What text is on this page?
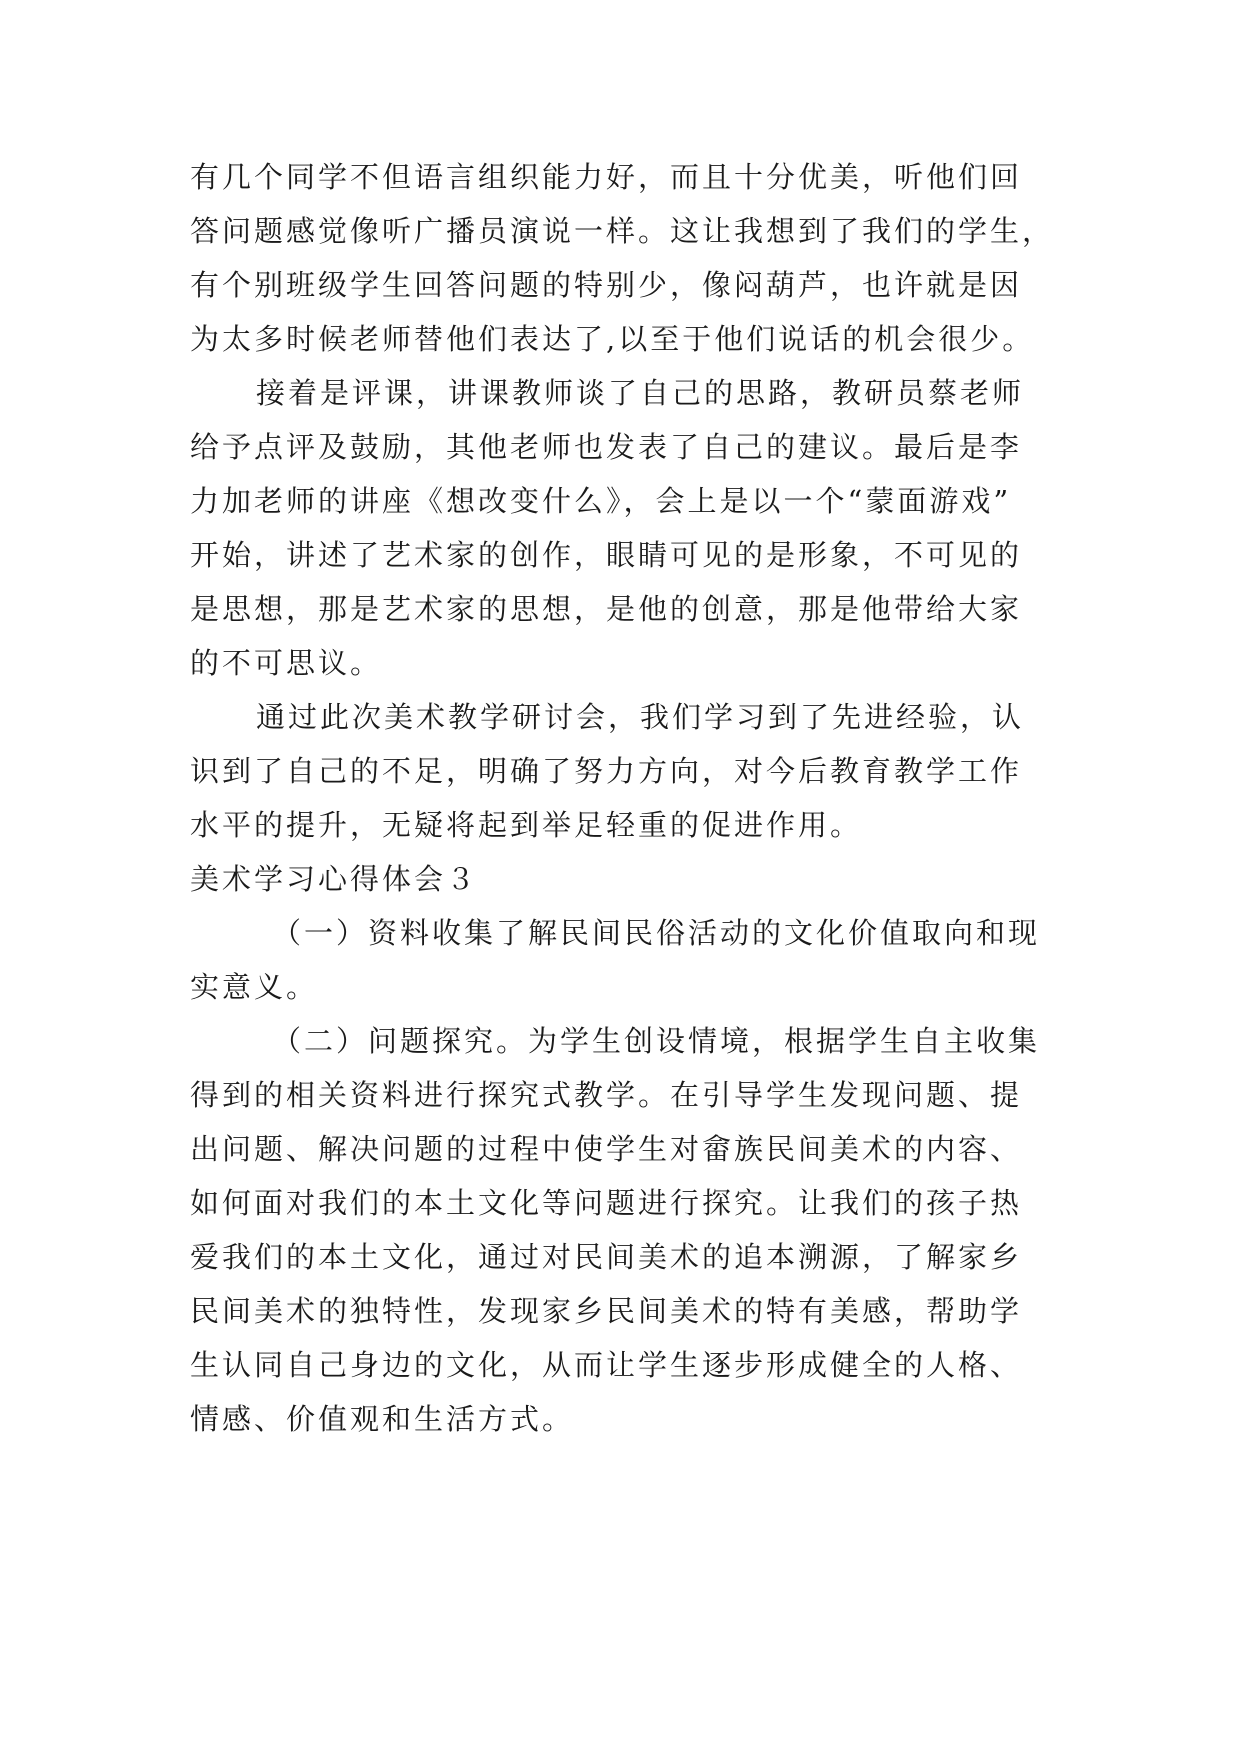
有几个同学不但语言组织能力好，而且十分优美，听他们回

答问题感觉像听广播员演说一样。这让我想到了我们的学生，

有个别班级学生回答问题的特别少，像闷葫芦，也许就是因

为太多时候老师替他们表达了,以至于他们说话的机会很少。

接着是评课，讲课教师谈了自己的思路，教研员蔡老师

给予点评及鼓励，其他老师也发表了自己的建议。最后是李

力加老师的讲座《想改变什么》，会上是以一个“蒙面游戏”

开始，讲述了艺术家的创作，眼睛可见的是形象，不可见的

是思想，那是艺术家的思想，是他的创意，那是他带给大家

的不可思议。

通过此次美术教学研讨会，我们学习到了先进经验，认

识到了自己的不足，明确了努力方向，对今后教育教学工作

水平的提升，无疑将起到举足轻重的促进作用。

美术学习心得体会３

（一）资料收集了解民间民俗活动的文化价值取向和现

实意义。

（二）问题探究。为学生创设情境，根据学生自主收集

得到的相关资料进行探究式教学。在引导学生发现问题、提

出问题、解决问题的过程中使学生对畲族民间美术的内容、

如何面对我们的本土文化等问题进行探究。让我们的孩子热

爱我们的本土文化，通过对民间美术的追本溯源，了解家乡

民间美术的独特性，发现家乡民间美术的特有美感，帮助学

生认同自己身边的文化，从而让学生逐步形成健全的人格、

情感、价值观和生活方式。
